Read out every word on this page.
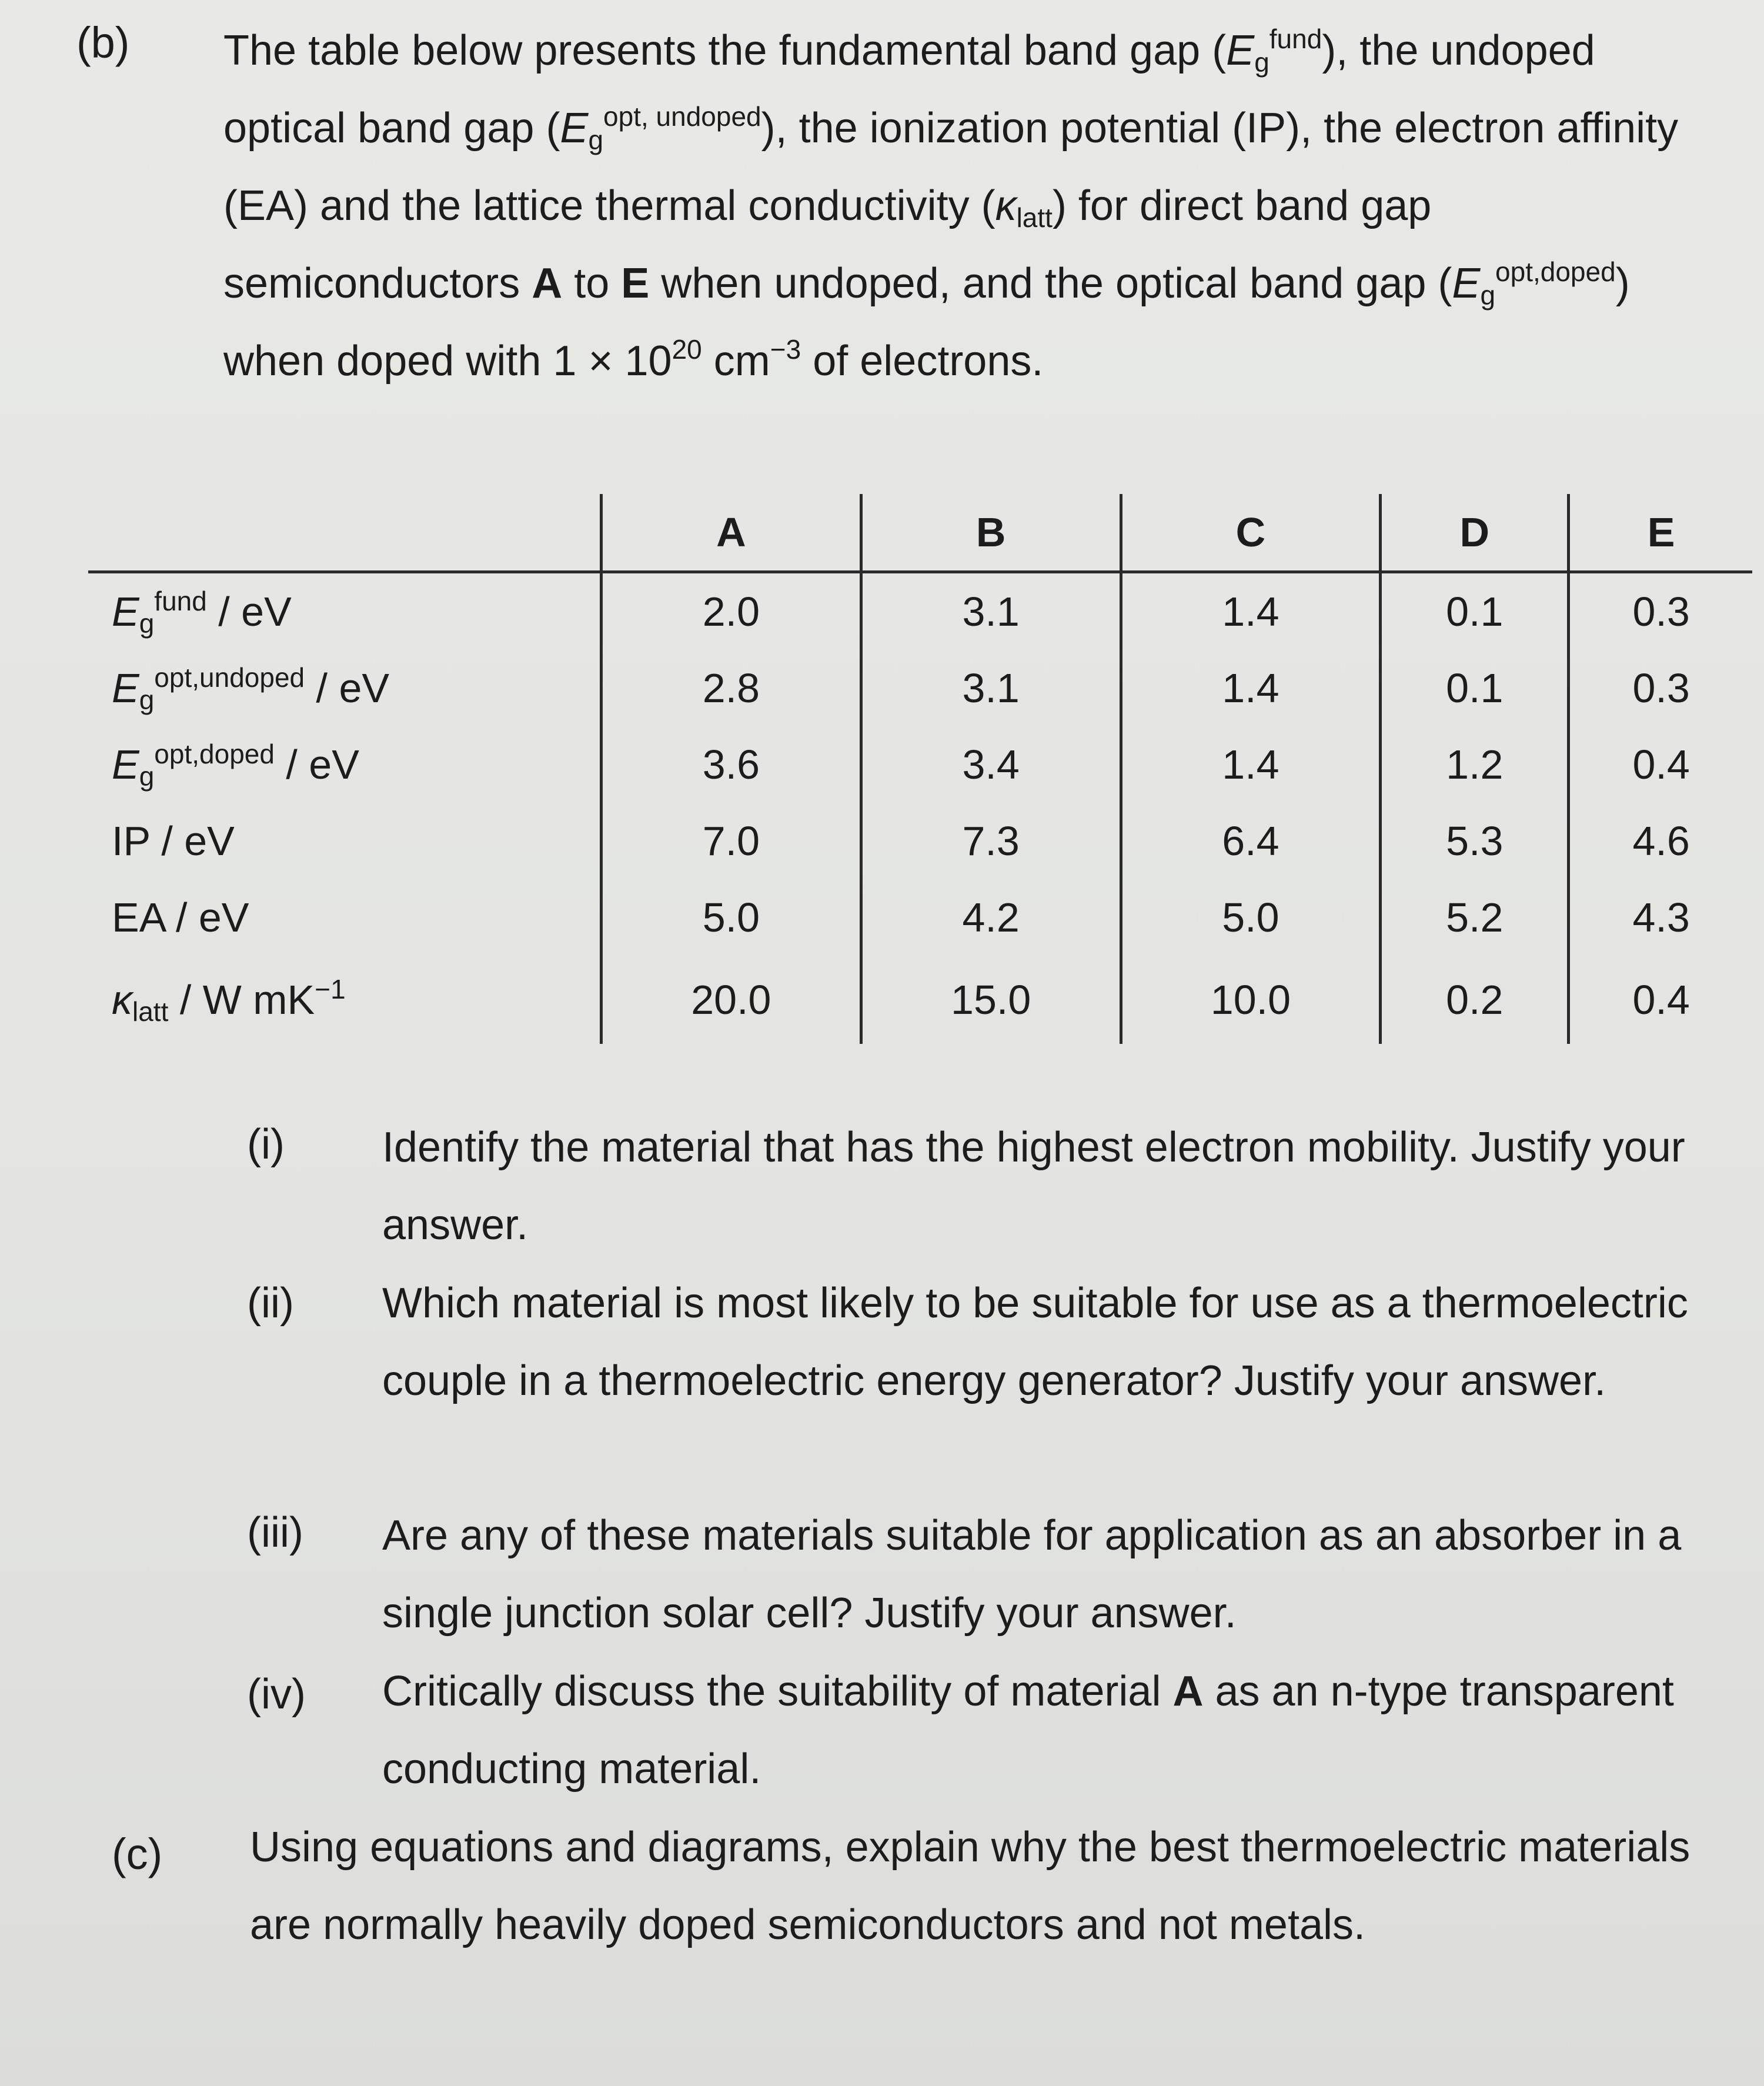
(b) The table below presents the fundamental band gap $(E_g^{fund})$, the undoped optical band gap $(E_g^{opt, undoped})$, the ionization potential (IP), the electron affinity (EA) and the lattice thermal conductivity $(\kappa_{latt})$ for direct band gap semiconductors A to E when undoped, and the optical band gap $(E_g^{opt,doped})$ when doped with $1 \times 10^{20}$ $cm^{-3}$ of electrons.
	A	B	C	D	E
$E_g^{fund}$ / eV	2.0	3.1	1.4	0.1	0.3
$E_g^{opt,undoped}$ / eV	2.8	3.1	1.4	0.1	0.3
$E_g^{opt,doped}$ / eV	3.6	3.4	1.4	1.2	0.4
IP / eV	7.0	7.3	6.4	5.3	4.6
EA / eV	5.0	4.2	5.0	5.2	4.3
$\kappa_{latt}$ / W $mK^{-1}$	20.0	15.0	10.0	0.2	0.4
(i) Identify the material that has the highest electron mobility. Justify your answer.
(ii) Which material is most likely to be suitable for use as a thermoelectric couple in a thermoelectric energy generator? Justify your answer.
(iii) Are any of these materials suitable for application as an absorber in a single junction solar cell? Justify your answer.
(iv) Critically discuss the suitability of material A as an n-type transparent conducting material.
(c) Using equations and diagrams, explain why the best thermoelectric materials are normally heavily doped semiconductors and not metals.
